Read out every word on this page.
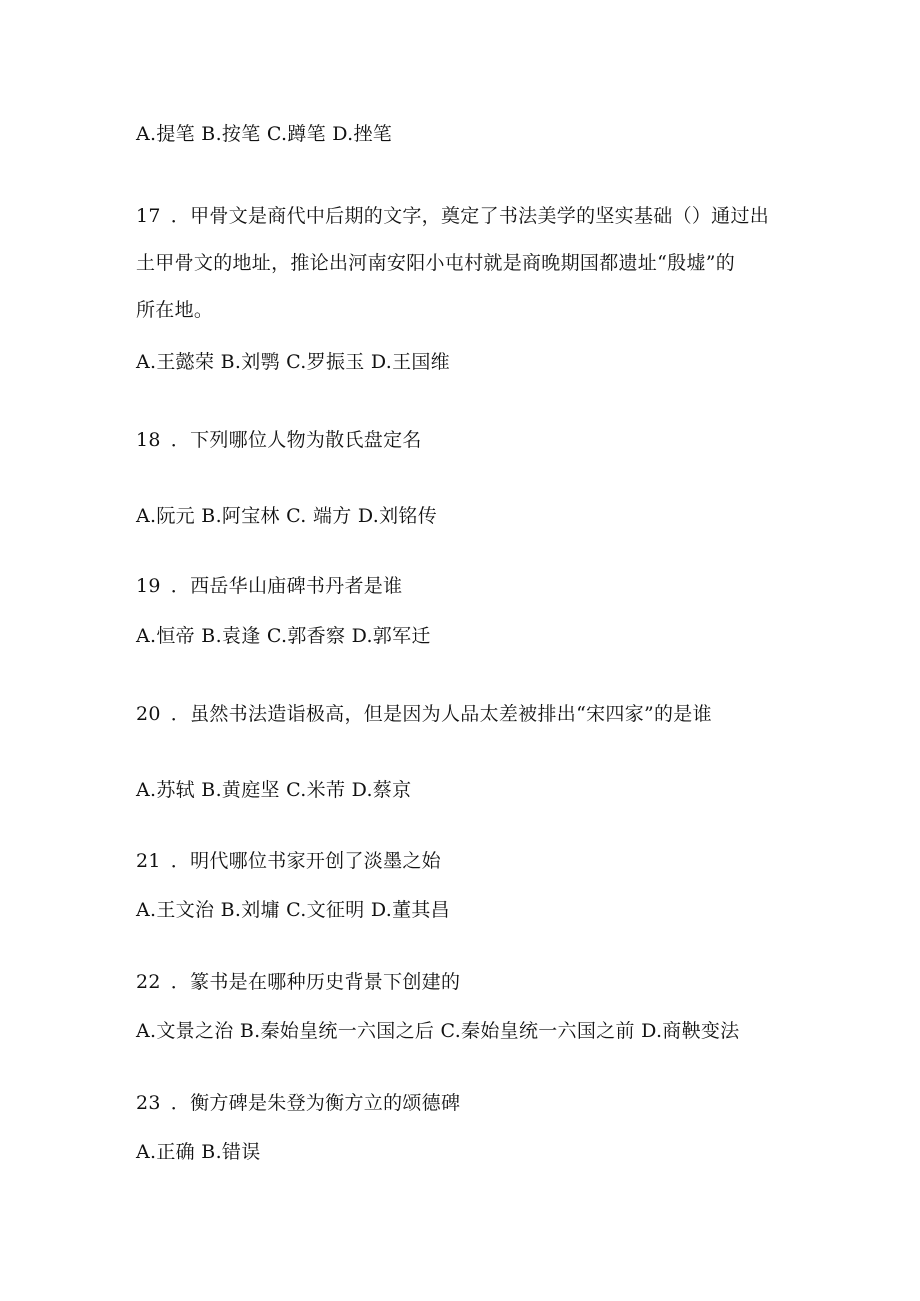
A.提笔 B.按笔 C.蹲笔 D.挫笔
17 ．甲骨文是商代中后期的文字，奠定了书法美学的坚实基础（）通过出
土甲骨文的地址，推论出河南安阳小屯村就是商晚期国都遗址“殷墟”的
所在地。
A.王懿荣 B.刘鹗 C.罗振玉 D.王国维
18 ．下列哪位人物为散氏盘定名
A.阮元 B.阿宝林 C. 端方 D.刘铭传
19 ．西岳华山庙碑书丹者是谁
A.恒帝 B.袁逢 C.郭香察 D.郭军迁
20 ．虽然书法造诣极高，但是因为人品太差被排出“宋四家”的是谁
A.苏轼 B.黄庭坚 C.米芾 D.蔡京
21 ．明代哪位书家开创了淡墨之始
A.王文治 B.刘墉 C.文征明 D.董其昌
22 ．篆书是在哪种历史背景下创建的
A.文景之治 B.秦始皇统一六国之后 C.秦始皇统一六国之前 D.商鞅变法
23 ．衡方碑是朱登为衡方立的颂德碑
A.正确 B.错误
